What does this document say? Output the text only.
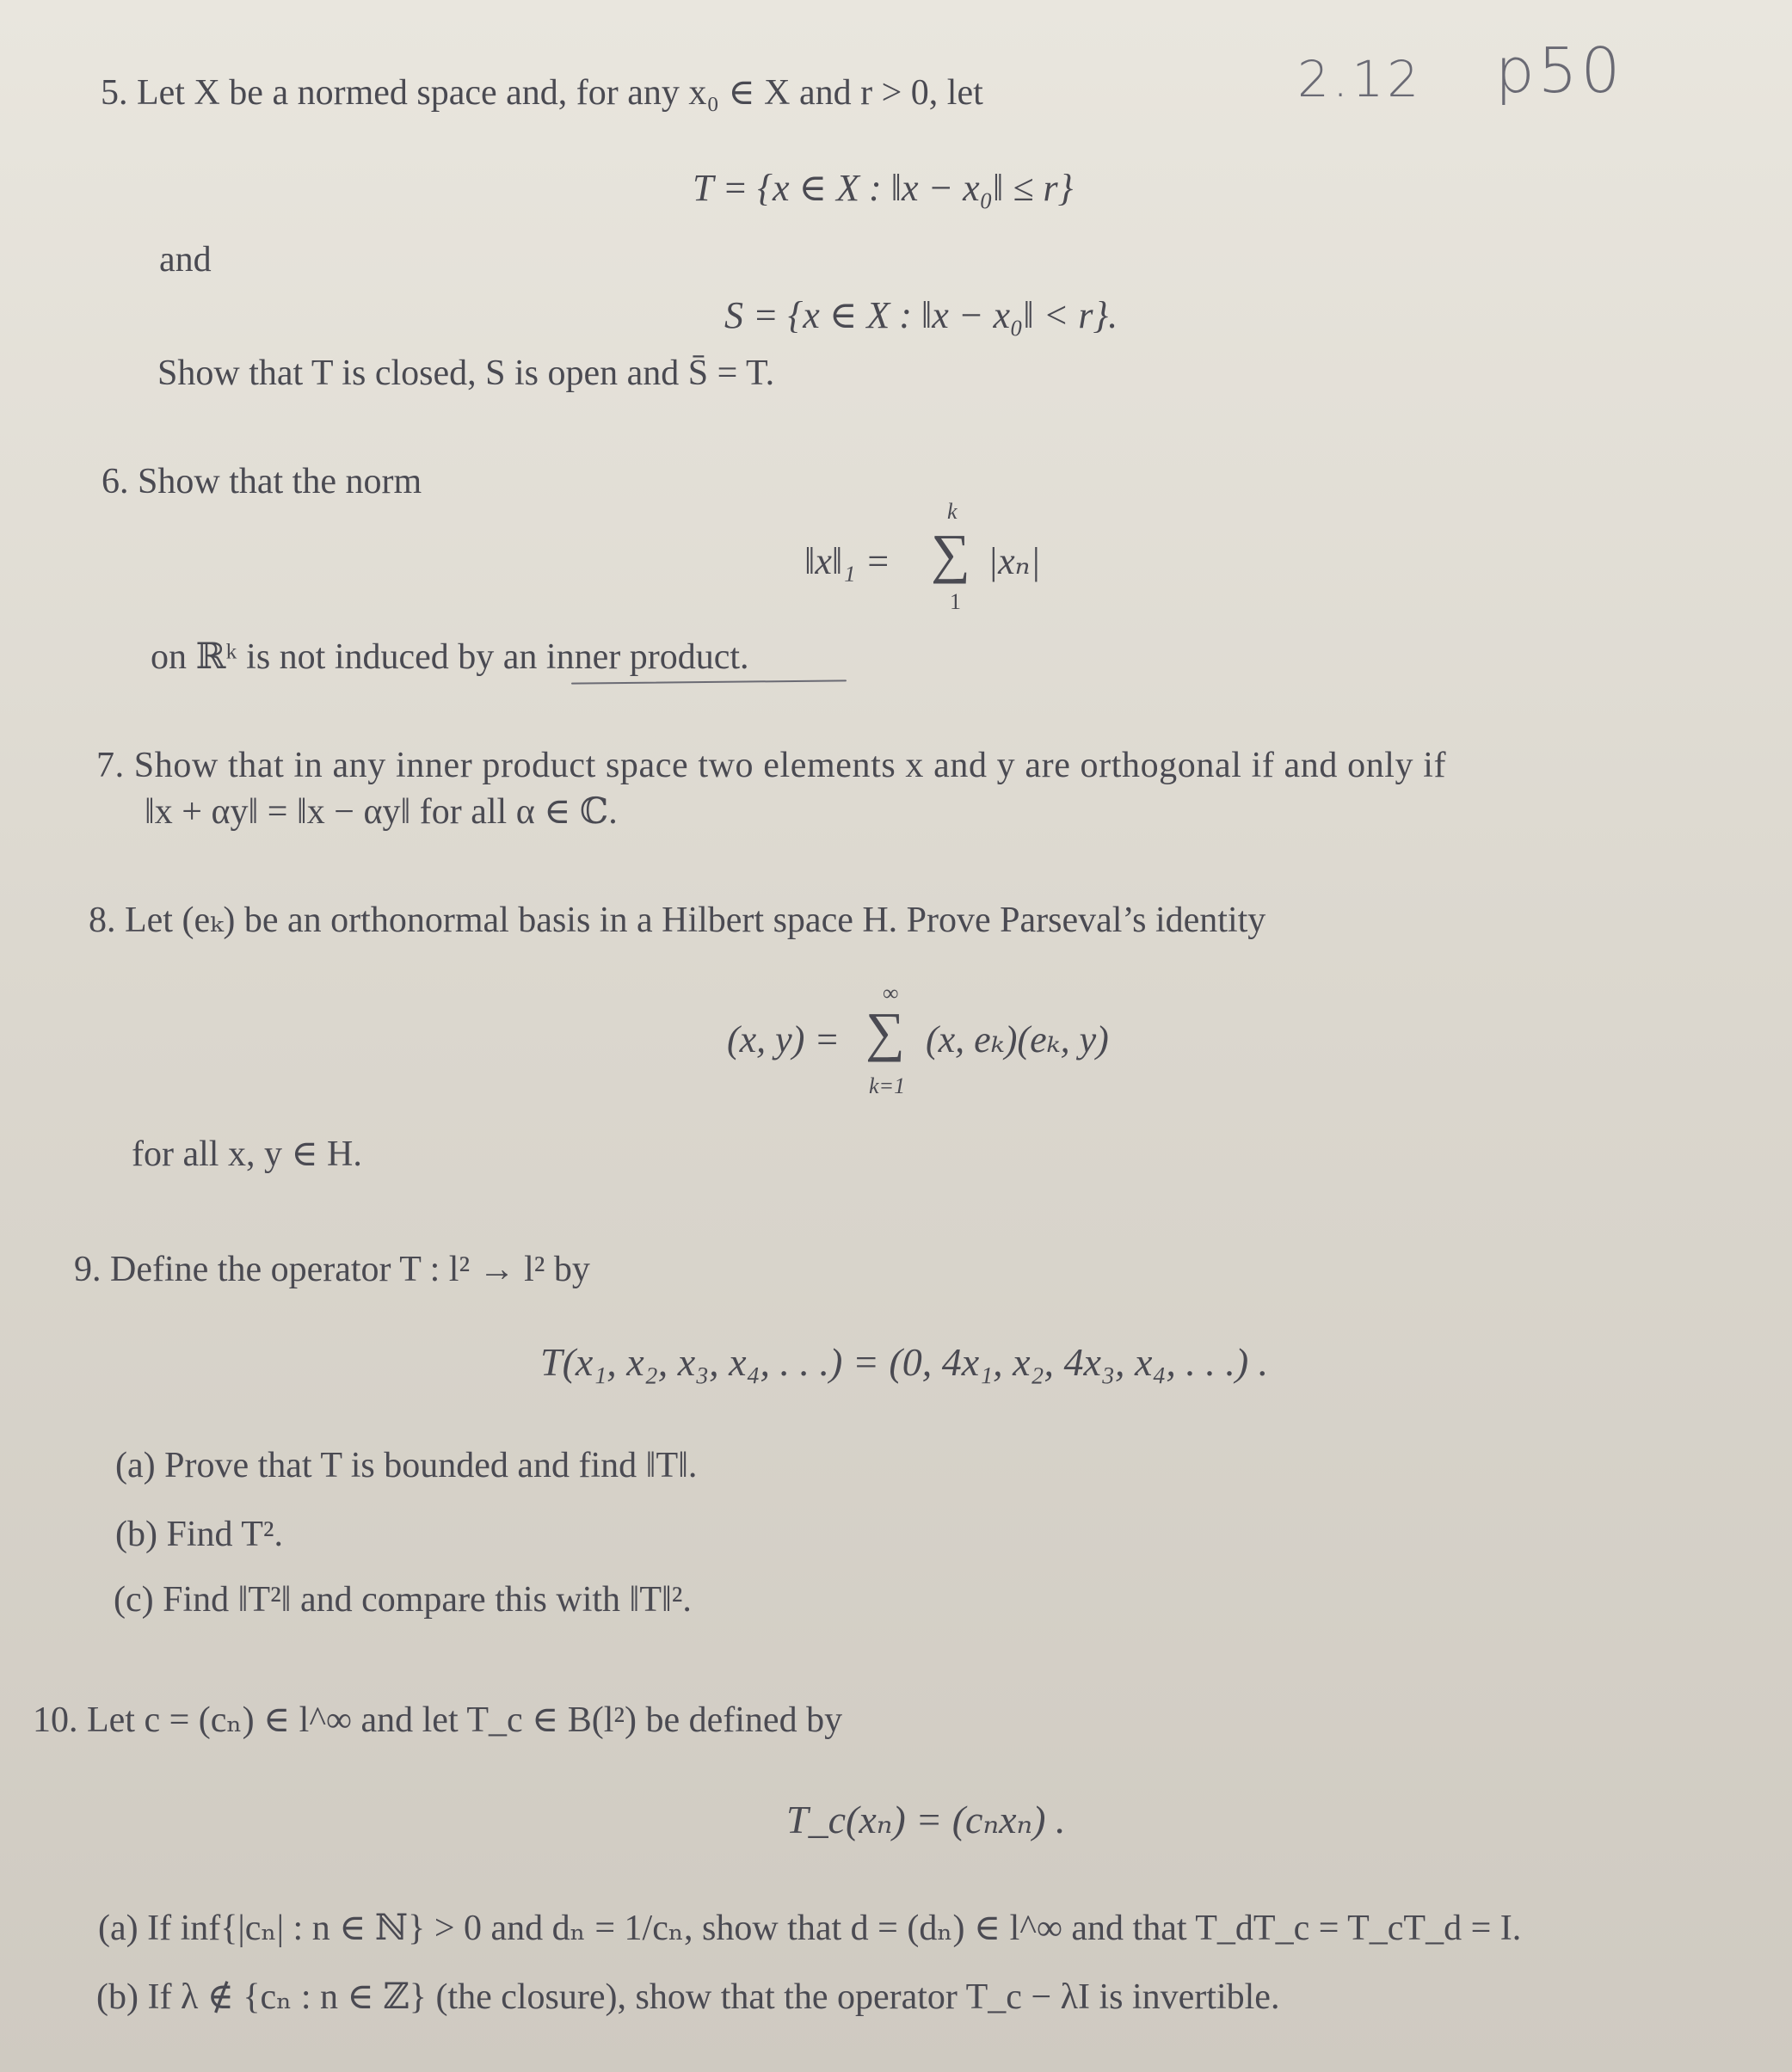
2.12 p50
5. Let X be a normed space and, for any x₀ ∈ X and r > 0, let
T = {x ∈ X : ‖x − x₀‖ ≤ r}
and
S = {x ∈ X : ‖x − x₀‖ < r}.
Show that T is closed, S is open and S̄ = T.
6. Show that the norm
‖x‖₁ =
k
∑
1
|xₙ|
on ℝᵏ is not induced by an inner product.
7. Show that in any inner product space two elements x and y are orthogonal if and only if
‖x + αy‖ = ‖x − αy‖ for all α ∈ ℂ.
8. Let (eₖ) be an orthonormal basis in a Hilbert space H. Prove Parseval’s identity
(x, y) =
∞
∑
k=1
(x, eₖ)(eₖ, y)
for all x, y ∈ H.
9. Define the operator T : l² → l² by
T(x₁, x₂, x₃, x₄, . . .) = (0, 4x₁, x₂, 4x₃, x₄, . . .) .
(a) Prove that T is bounded and find ‖T‖.
(b) Find T².
(c) Find ‖T²‖ and compare this with ‖T‖².
10. Let c = (cₙ) ∈ l^∞ and let T_c ∈ B(l²) be defined by
T_c(xₙ) = (cₙxₙ) .
(a) If inf{|cₙ| : n ∈ ℕ} > 0 and dₙ = 1/cₙ, show that d = (dₙ) ∈ l^∞ and that T_dT_c = T_cT_d = I.
(b) If λ ∉ {cₙ : n ∈ ℤ} (the closure), show that the operator T_c − λI is invertible.
